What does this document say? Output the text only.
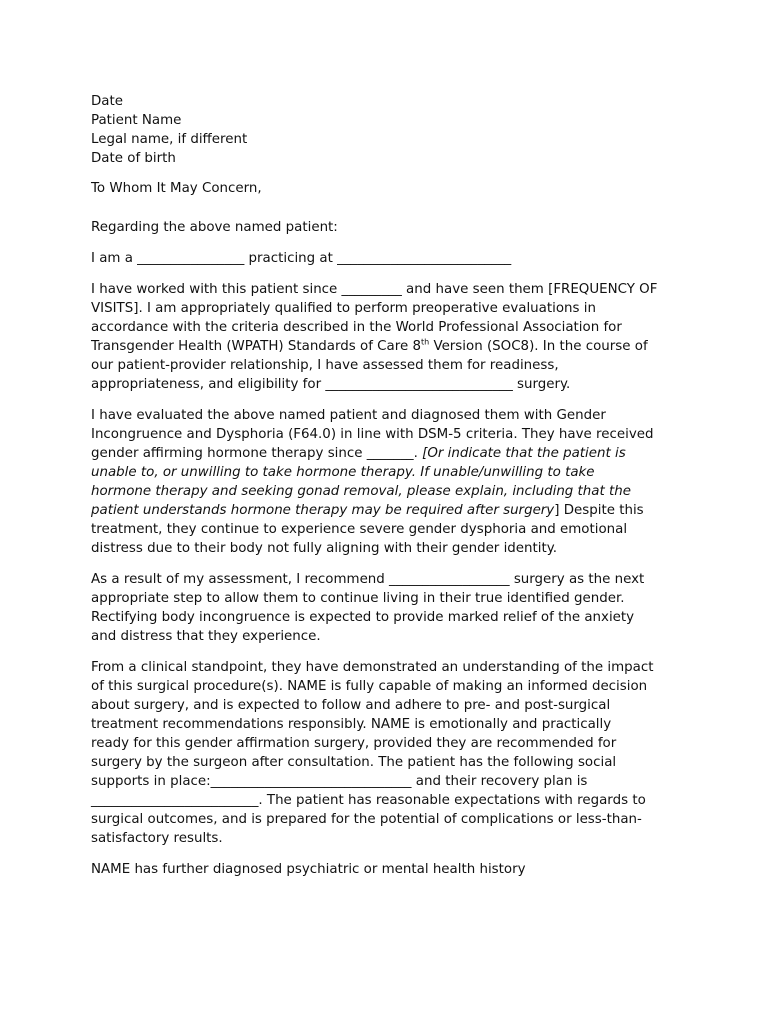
Date
Patient Name
Legal name, if different
Date of birth
To Whom It May Concern,
Regarding the above named patient:
I am a ________________ practicing at __________________________
I have worked with this patient since _________ and have seen them [FREQUENCY OF
VISITS]. I am appropriately qualified to perform preoperative evaluations in
accordance with the criteria described in the World Professional Association for
Transgender Health (WPATH) Standards of Care 8th Version (SOC8). In the course of
our patient-provider relationship, I have assessed them for readiness,
appropriateness, and eligibility for ____________________________ surgery.
I have evaluated the above named patient and diagnosed them with Gender
Incongruence and Dysphoria (F64.0) in line with DSM-5 criteria. They have received
gender affirming hormone therapy since _______. [Or indicate that the patient is
unable to, or unwilling to take hormone therapy. If unable/unwilling to take
hormone therapy and seeking gonad removal, please explain, including that the
patient understands hormone therapy may be required after surgery] Despite this
treatment, they continue to experience severe gender dysphoria and emotional
distress due to their body not fully aligning with their gender identity.
As a result of my assessment, I recommend __________________ surgery as the next
appropriate step to allow them to continue living in their true identified gender.
Rectifying body incongruence is expected to provide marked relief of the anxiety
and distress that they experience.
From a clinical standpoint, they have demonstrated an understanding of the impact
of this surgical procedure(s). NAME is fully capable of making an informed decision
about surgery, and is expected to follow and adhere to pre- and post-surgical
treatment recommendations responsibly. NAME is emotionally and practically
ready for this gender affirmation surgery, provided they are recommended for
surgery by the surgeon after consultation. The patient has the following social
supports in place:______________________________ and their recovery plan is
_________________________. The patient has reasonable expectations with regards to
surgical outcomes, and is prepared for the potential of complications or less-than-
satisfactory results.
NAME has further diagnosed psychiatric or mental health history
